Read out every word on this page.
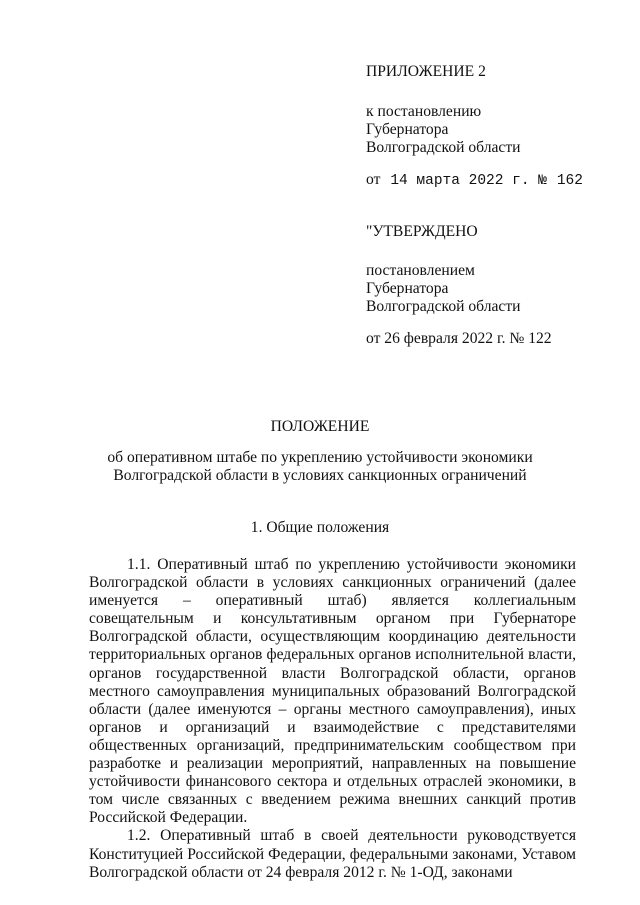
ПРИЛОЖЕНИЕ 2
к постановлению
Губернатора
Волгоградской области
от 14 марта 2022 г. № 162
"УТВЕРЖДЕНО
постановлением
Губернатора
Волгоградской области
от 26 февраля 2022 г. № 122
ПОЛОЖЕНИЕ
об оперативном штабе по укреплению устойчивости экономики
Волгоградской области в условиях санкционных ограничений
1. Общие положения

1.1. Оперативный штаб по укреплению устойчивости экономики Волгоградской области в условиях санкционных ограничений (далее именуется – оперативный штаб) является коллегиальным совещательным и консультативным органом при Губернаторе Волгоградской области, осуществляющим координацию деятельности территориальных органов федеральных органов исполнительной власти, органов государственной власти Волгоградской области, органов местного самоуправления муниципальных образований Волгоградской области (далее именуются – органы местного самоуправления), иных органов и организаций и взаимодействие с представителями общественных организаций, предпринимательским сообществом при разработке и реализации мероприятий, направленных на повышение устойчивости финансового сектора и отдельных отраслей экономики, в том числе связанных с введением режима внешних санкций против Российской Федерации.

1.2. Оперативный штаб в своей деятельности руководствуется Конституцией Российской Федерации, федеральными законами, Уставом Волгоградской области от 24 февраля 2012 г. № 1-ОД, законами
